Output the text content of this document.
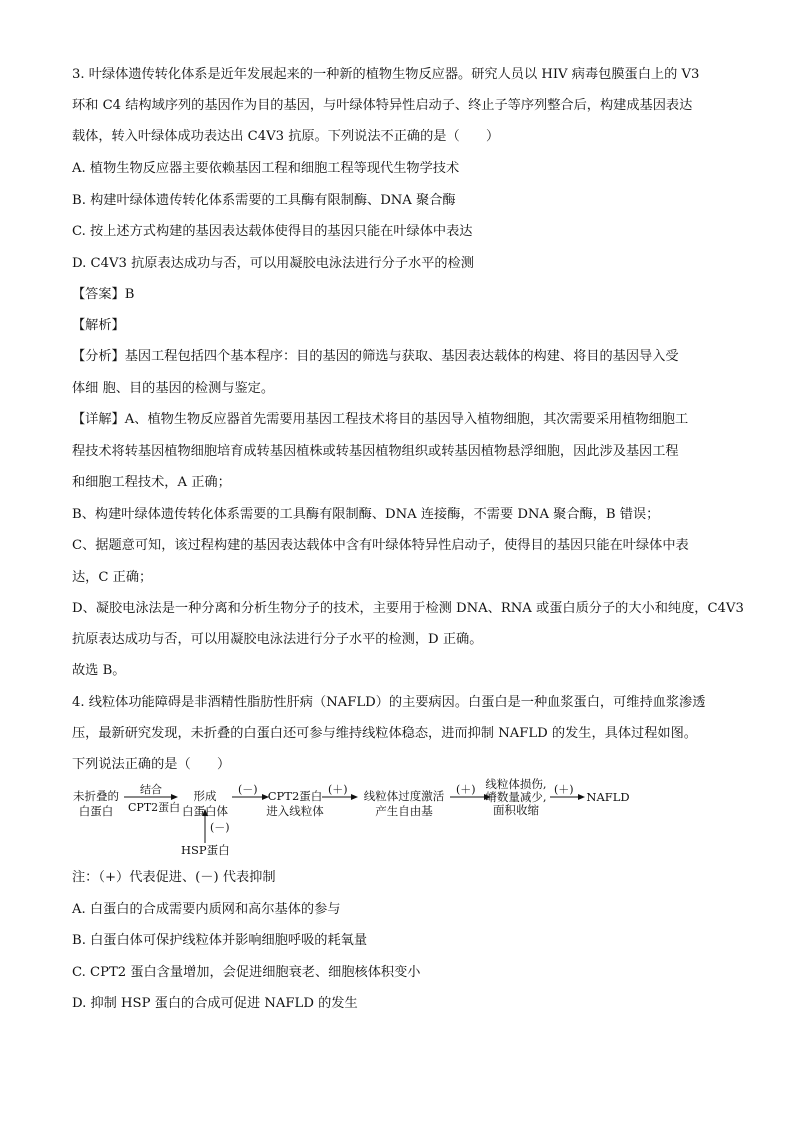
3. 叶绿体遗传转化体系是近年发展起来的一种新的植物生物反应器。研究人员以 HIV 病毒包膜蛋白上的 V3
环和 C4 结构域序列的基因作为目的基因，与叶绿体特异性启动子、终止子等序列整合后，构建成基因表达
载体，转入叶绿体成功表达出 C4V3 抗原。下列说法不正确的是（　　）
A. 植物生物反应器主要依赖基因工程和细胞工程等现代生物学技术
B. 构建叶绿体遗传转化体系需要的工具酶有限制酶、DNA 聚合酶
C. 按上述方式构建的基因表达载体使得目的基因只能在叶绿体中表达
D. C4V3 抗原表达成功与否，可以用凝胶电泳法进行分子水平的检测
【答案】B
【解析】
【分析】基因工程包括四个基本程序：目的基因的筛选与获取、基因表达载体的构建、将目的基因导入受
体细 胞、目的基因的检测与鉴定。
【详解】A、植物生物反应器首先需要用基因工程技术将目的基因导入植物细胞，其次需要采用植物细胞工
程技术将转基因植物细胞培育成转基因植株或转基因植物组织或转基因植物悬浮细胞，因此涉及基因工程
和细胞工程技术，A 正确；
B、构建叶绿体遗传转化体系需要的工具酶有限制酶、DNA 连接酶，不需要 DNA 聚合酶，B 错误；
C、据题意可知，该过程构建的基因表达载体中含有叶绿体特异性启动子，使得目的基因只能在叶绿体中表
达，C 正确；
D、凝胶电泳法是一种分离和分析生物分子的技术，主要用于检测 DNA、RNA 或蛋白质分子的大小和纯度，C4V3
抗原表达成功与否，可以用凝胶电泳法进行分子水平的检测，D 正确。
故选 B。
4. 线粒体功能障碍是非酒精性脂肪性肝病（NAFLD）的主要病因。白蛋白是一种血浆蛋白，可维持血浆渗透
压，最新研究发现，未折叠的白蛋白还可参与维持线粒体稳态，进而抑制 NAFLD 的发生，具体过程如图。
下列说法正确的是（　　）
未折叠的
白蛋白
结合
CPT2蛋白
形成
白蛋白体
(－) CPT2蛋白
进入线粒体
(＋)	线粒体过度激活
产生自由基
(＋) 线粒体损伤,
嵴数量减少,
面积收缩
(＋)
NAFLD
(－)
HSP蛋白
注：（+）代表促进、(－) 代表抑制
A. 白蛋白的合成需要内质网和高尔基体的参与
B. 白蛋白体可保护线粒体并影响细胞呼吸的耗氧量
C. CPT2 蛋白含量增加，会促进细胞衰老、细胞核体积变小
D. 抑制 HSP 蛋白的合成可促进 NAFLD 的发生
